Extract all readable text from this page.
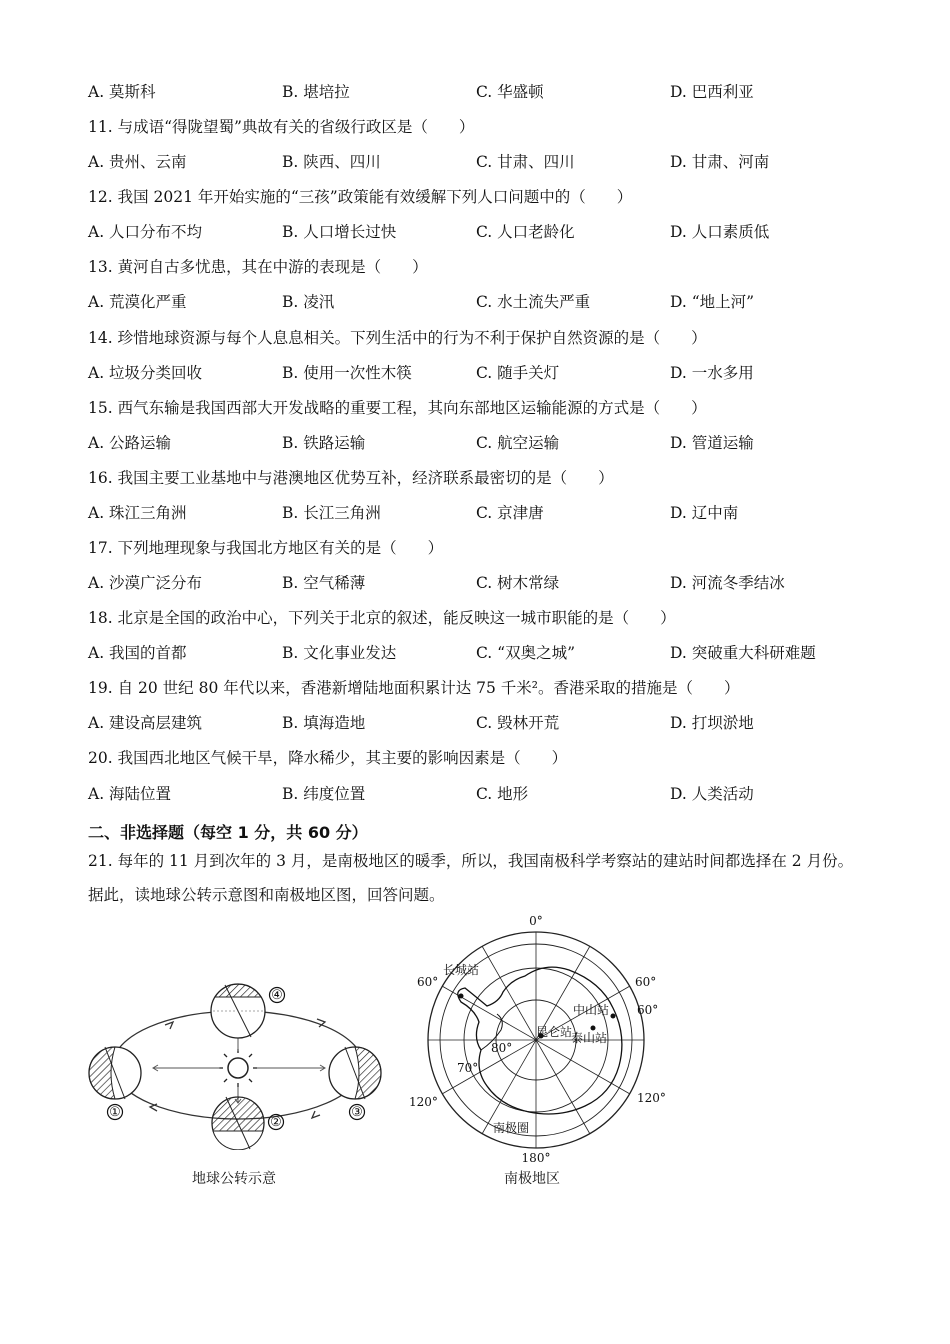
A. 莫斯科	B. 堪培拉	C. 华盛顿	D. 巴西利亚
11. 与成语“得陇望蜀”典故有关的省级行政区是（　　）
A. 贵州、云南	B. 陕西、四川	C. 甘肃、四川	D. 甘肃、河南
12. 我国 2021 年开始实施的“三孩”政策能有效缓解下列人口问题中的（　　）
A. 人口分布不均	B. 人口增长过快	C. 人口老龄化	D. 人口素质低
13. 黄河自古多忧患，其在中游的表现是（　　）
A. 荒漠化严重	B. 凌汛	C. 水土流失严重	D. “地上河”
14. 珍惜地球资源与每个人息息相关。下列生活中的行为不利于保护自然资源的是（　　）
A. 垃圾分类回收	B. 使用一次性木筷	C. 随手关灯	D. 一水多用
15. 西气东输是我国西部大开发战略的重要工程，其向东部地区运输能源的方式是（　　）
A. 公路运输	B. 铁路运输	C. 航空运输	D. 管道运输
16. 我国主要工业基地中与港澳地区优势互补，经济联系最密切的是（　　）
A. 珠江三角洲	B. 长江三角洲	C. 京津唐	D. 辽中南
17. 下列地理现象与我国北方地区有关的是（　　）
A. 沙漠广泛分布	B. 空气稀薄	C. 树木常绿	D. 河流冬季结冰
18. 北京是全国的政治中心，下列关于北京的叙述，能反映这一城市职能的是（　　）
A. 我国的首都	B. 文化事业发达	C. “双奥之城”	D. 突破重大科研难题
19. 自 20 世纪 80 年代以来，香港新增陆地面积累计达 75 千米²。香港采取的措施是（　　）
A. 建设高层建筑	B. 填海造地	C. 毁林开荒	D. 打坝淤地
20. 我国西北地区气候干旱，降水稀少，其主要的影响因素是（　　）
A. 海陆位置	B. 纬度位置	C. 地形	D. 人类活动
二、非选择题（每空 1 分，共 60 分）
21. 每年的 11 月到次年的 3 月，是南极地区的暖季，所以，我国南极科学考察站的建站时间都选择在 2 月份。据此，读地球公转示意图和南极地区图，回答问题。
①
②
③
④
地球公转示意
0°
180°
60°	60°
60°
120°	120°
80°
70°
长城站
中山站
昆仑站
泰山站
南极圈
南极地区
